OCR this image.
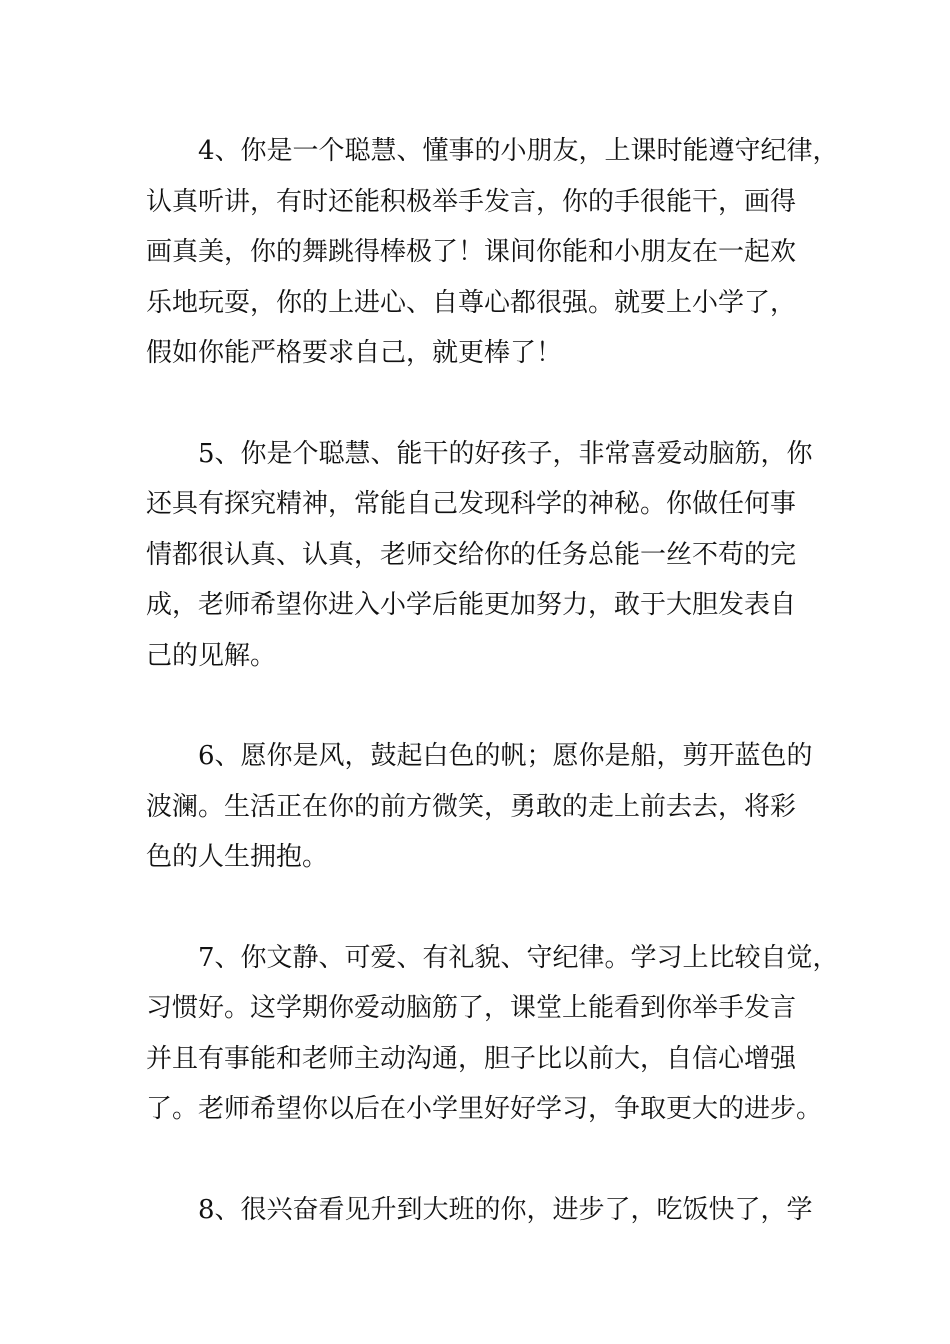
4、你是一个聪慧、懂事的小朋友，上课时能遵守纪律，
认真听讲，有时还能积极举手发言，你的手很能干，画得
画真美，你的舞跳得棒极了！课间你能和小朋友在一起欢
乐地玩耍，你的上进心、自尊心都很强。就要上小学了，
假如你能严格要求自己，就更棒了！
5、你是个聪慧、能干的好孩子，非常喜爱动脑筋，你
还具有探究精神，常能自己发现科学的神秘。你做任何事
情都很认真、认真，老师交给你的任务总能一丝不苟的完
成，老师希望你进入小学后能更加努力，敢于大胆发表自
己的见解。
6、愿你是风，鼓起白色的帆；愿你是船，剪开蓝色的
波澜。生活正在你的前方微笑，勇敢的走上前去去，将彩
色的人生拥抱。
7、你文静、可爱、有礼貌、守纪律。学习上比较自觉，
习惯好。这学期你爱动脑筋了，课堂上能看到你举手发言
并且有事能和老师主动沟通，胆子比以前大，自信心增强
了。老师希望你以后在小学里好好学习，争取更大的进步。
8、很兴奋看见升到大班的你，进步了，吃饭快了，学
